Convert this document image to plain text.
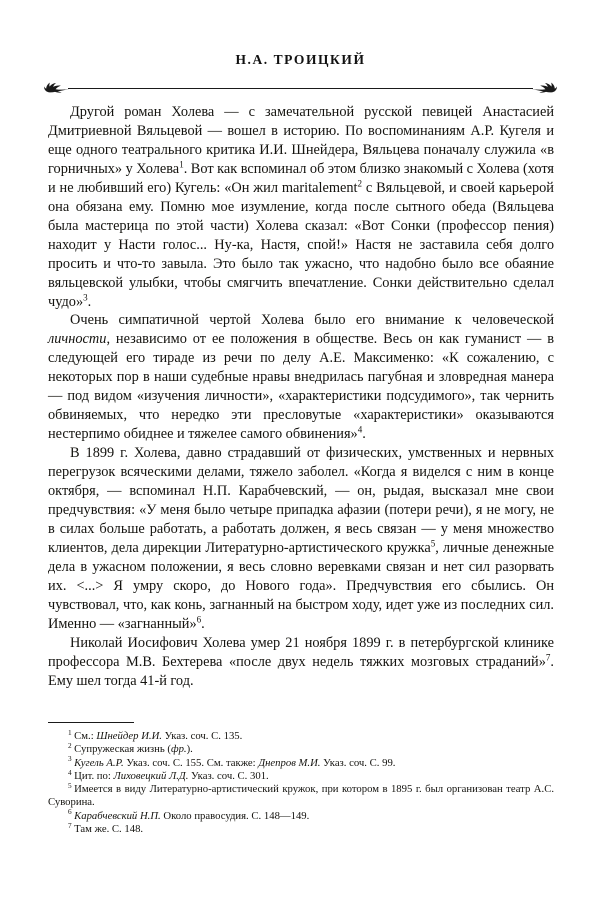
Н.А. ТРОИЦКИЙ

Другой роман Холева — с замечательной русской певицей Анастасией Дмитриевной Вяльцевой — вошел в историю. По воспоминаниям А.Р. Кугеля и еще одного театрального критика И.И. Шнейдера, Вяльцева поначалу служила «в горничных» у Холева$^1$. Вот как вспоминал об этом близко знакомый с Холева (хотя и не любивший его) Кугель: «Он жил maritalement$^2$ с Вяльцевой, и своей карьерой она обязана ему. Помню мое изумление, когда после сытного обеда (Вяльцева была мастерица по этой части) Холева сказал: «Вот Сонки (профессор пения) находит у Насти голос... Ну-ка, Настя, спой!» Настя не заставила себя долго просить и что-то завыла. Это было так ужасно, что надобно было все обаяние вяльцевской улыбки, чтобы смягчить впечатление. Сонки действительно сделал чудо»$^3$.

Очень симпатичной чертой Холева было его внимание к человеческой личности, независимо от ее положения в обществе. Весь он как гуманист — в следующей его тираде из речи по делу А.Е. Максименко: «К сожалению, с некоторых пор в наши судебные нравы внедрилась пагубная и зловредная манера — под видом «изучения личности», «характеристики подсудимого», так чернить обвиняемых, что нередко эти пресловутые «характеристики» оказываются нестерпимо обиднее и тяжелее самого обвинения»$^4$.

В 1899 г. Холева, давно страдавший от физических, умственных и нервных перегрузок всяческими делами, тяжело заболел. «Когда я виделся с ним в конце октября, — вспоминал Н.П. Карабчевский, — он, рыдая, высказал мне свои предчувствия: «У меня было четыре припадка афазии (потери речи), я не могу, не в силах больше работать, а работать должен, я весь связан — у меня множество клиентов, дела дирекции Литературно-артистического кружка$^5$, личные денежные дела в ужасном положении, я весь словно веревками связан и нет сил разорвать их. <...> Я умру скоро, до Нового года». Предчувствия его сбылись. Он чувствовал, что, как конь, загнанный на быстром ходу, идет уже из последних сил. Именно — «загнанный»$^6$.

Николай Иосифович Холева умер 21 ноября 1899 г. в петербургской клинике профессора М.В. Бехтерева «после двух недель тяжких мозговых страданий»$^7$. Ему шел тогда 41-й год.

$^1$ См.: Шнейдер И.И. Указ. соч. С. 135.

$^2$ Супружеская жизнь (фр.).

$^3$ Кугель А.Р. Указ. соч. С. 155. См. также: Днепров М.И. Указ. соч. С. 99.

$^4$ Цит. по: Лиховецкий Л.Д. Указ. соч. С. 301.

$^5$ Имеется в виду Литературно-артистический кружок, при котором в 1895 г. был организован театр А.С. Суворина.

$^6$ Карабчевский Н.П. Около правосудия. С. 148—149.

$^7$ Там же. С. 148.
